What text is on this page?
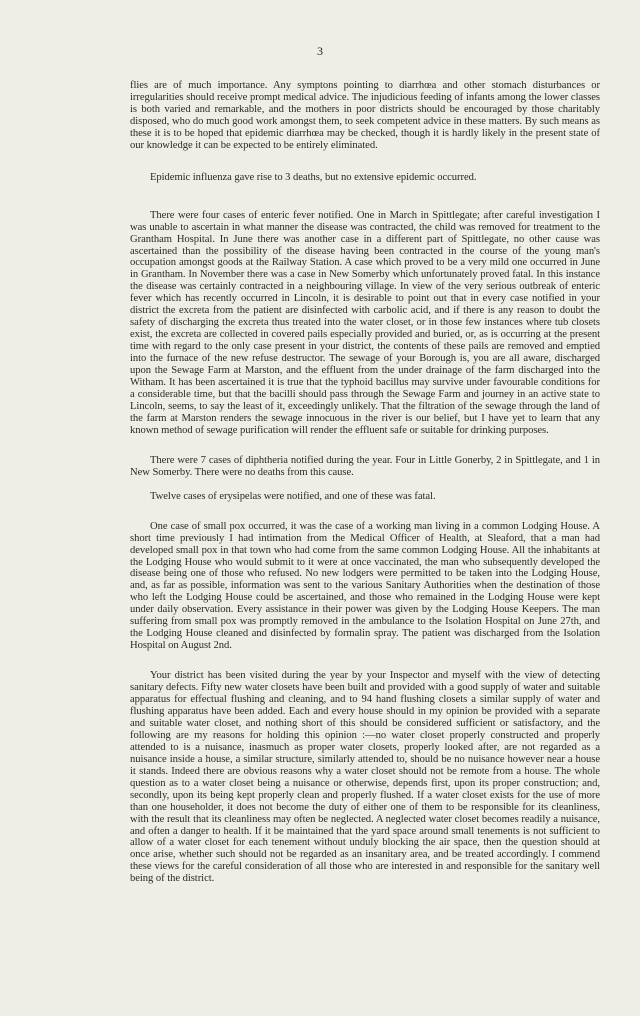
3

flies are of much importance. Any symptons pointing to diarrhœa and other stomach disturbances or irregularities should receive prompt medical advice. The injudicious feeding of infants among the lower classes is both varied and remarkable, and the mothers in poor districts should be encouraged by those charitably disposed, who do much good work amongst them, to seek competent advice in these matters. By such means as these it is to be hoped that epidemic diarrhœa may be checked, though it is hardly likely in the present state of our knowledge it can be expected to be entirely eliminated.

Epidemic influenza gave rise to 3 deaths, but no extensive epidemic occurred.

There were four cases of enteric fever notified. One in March in Spittlegate; after careful investigation I was unable to ascertain in what manner the disease was contracted, the child was removed for treatment to the Grantham Hospital. In June there was another case in a different part of Spittlegate, no other cause was ascertained than the possibility of the disease having been contracted in the course of the young man's occupation amongst goods at the Railway Station. A case which proved to be a very mild one occurred in June in Grantham. In November there was a case in New Somerby which unfortunately proved fatal. In this instance the disease was certainly contracted in a neighbouring village. In view of the very serious outbreak of enteric fever which has recently occurred in Lincoln, it is desirable to point out that in every case notified in your district the excreta from the patient are disinfected with carbolic acid, and if there is any reason to doubt the safety of discharging the excreta thus treated into the water closet, or in those few instances where tub closets exist, the excreta are collected in covered pails especially provided and buried, or, as is occurring at the present time with regard to the only case present in your district, the contents of these pails are removed and emptied into the furnace of the new refuse destructor. The sewage of your Borough is, you are all aware, discharged upon the Sewage Farm at Marston, and the effluent from the under drainage of the farm discharged into the Witham. It has been ascertained it is true that the typhoid bacillus may survive under favourable conditions for a considerable time, but that the bacilli should pass through the Sewage Farm and journey in an active state to Lincoln, seems, to say the least of it, exceedingly unlikely. That the filtration of the sewage through the land of the farm at Marston renders the sewage innocuous in the river is our belief, but I have yet to learn that any known method of sewage purification will render the effluent safe or suitable for drinking purposes.

There were 7 cases of diphtheria notified during the year. Four in Little Gonerby, 2 in Spittlegate, and 1 in New Somerby. There were no deaths from this cause.

Twelve cases of erysipelas were notified, and one of these was fatal.

One case of small pox occurred, it was the case of a working man living in a common Lodging House. A short time previously I had intimation from the Medical Officer of Health, at Sleaford, that a man had developed small pox in that town who had come from the same common Lodging House. All the inhabitants at the Lodging House who would submit to it were at once vaccinated, the man who subsequently developed the disease being one of those who refused. No new lodgers were permitted to be taken into the Lodging House, and, as far as possible, information was sent to the various Sanitary Authorities when the destination of those who left the Lodging House could be ascertained, and those who remained in the Lodging House were kept under daily observation. Every assistance in their power was given by the Lodging House Keepers. The man suffering from small pox was promptly removed in the ambulance to the Isolation Hospital on June 27th, and the Lodging House cleaned and disinfected by formalin spray. The patient was discharged from the Isolation Hospital on August 2nd.

Your district has been visited during the year by your Inspector and myself with the view of detecting sanitary defects. Fifty new water closets have been built and provided with a good supply of water and suitable apparatus for effectual flushing and cleaning, and to 94 hand flushing closets a similar supply of water and flushing apparatus have been added. Each and every house should in my opinion be provided with a separate and suitable water closet, and nothing short of this should be considered sufficient or satisfactory, and the following are my reasons for holding this opinion :—no water closet properly constructed and properly attended to is a nuisance, inasmuch as proper water closets, properly looked after, are not regarded as a nuisance inside a house, a similar structure, similarly attended to, should be no nuisance however near a house it stands. Indeed there are obvious reasons why a water closet should not be remote from a house. The whole question as to a water closet being a nuisance or otherwise, depends first, upon its proper construction; and, secondly, upon its being kept properly clean and properly flushed. If a water closet exists for the use of more than one householder, it does not become the duty of either one of them to be responsible for its cleanliness, with the result that its cleanliness may often be neglected. A neglected water closet becomes readily a nuisance, and often a danger to health. If it be maintained that the yard space around small tenements is not sufficient to allow of a water closet for each tenement without unduly blocking the air space, then the question should at once arise, whether such should not be regarded as an insanitary area, and be treated accordingly. I commend these views for the careful consideration of all those who are interested in and responsible for the sanitary well being of the district.
